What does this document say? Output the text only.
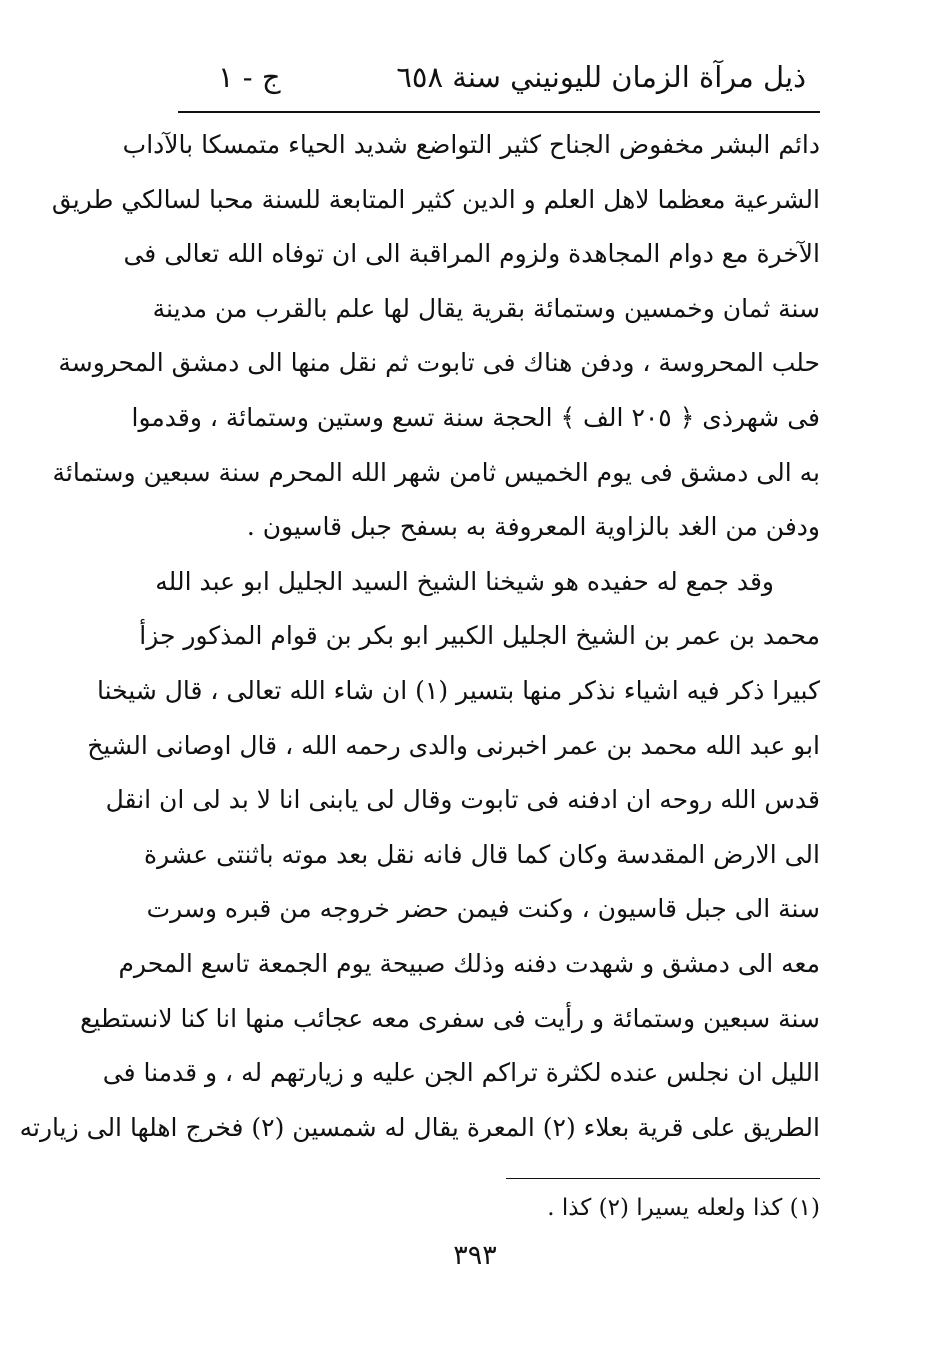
ذيل مرآة الزمان لليونيني سنة ٦٥٨
ج - ١
دائم البشر مخفوض الجناح كثير التواضع شديد الحياء متمسكا بالآداب
الشرعية معظما لاهل العلم و الدين كثير المتابعة للسنة محبا لسالكي طريق
الآخرة مع دوام المجاهدة ولزوم المراقبة الى ان توفاه الله تعالى فى
سنة ثمان وخمسين وستمائة بقرية يقال لها علم بالقرب من مدينة
حلب المحروسة ، ودفن هناك فى تابوت ثم نقل منها الى دمشق المحروسة
فى شهرذى ﴿ ٢٠٥ الف ﴾ الحجة سنة تسع وستين وستمائة ، وقدموا
به الى دمشق فى يوم الخميس ثامن شهر الله المحرم سنة سبعين وستمائة
ودفن من الغد بالزاوية المعروفة به بسفح جبل قاسيون .
وقد جمع له حفيده هو شيخنا الشيخ السيد الجليل ابو عبد الله
محمد بن عمر بن الشيخ الجليل الكبير ابو بكر بن قوام المذكور جزأ
كبيرا ذكر فيه اشياء نذكر منها بتسير (١) ان شاء الله تعالى ، قال شيخنا
ابو عبد الله محمد بن عمر اخبرنى والدى رحمه الله ، قال اوصانى الشيخ
قدس الله روحه ان ادفنه فى تابوت وقال لى يابنى انا لا بد لى ان انقل
الى الارض المقدسة وكان كما قال فانه نقل بعد موته باثنتى عشرة
سنة الى جبل قاسيون ، وكنت فيمن حضر خروجه من قبره وسرت
معه الى دمشق و شهدت دفنه وذلك صبيحة يوم الجمعة تاسع المحرم
سنة سبعين وستمائة و رأيت فى سفرى معه عجائب منها انا كنا لانستطيع
الليل ان نجلس عنده لكثرة تراكم الجن عليه و زيارتهم له ، و قدمنا فى
الطريق على قرية بعلاء (٢) المعرة يقال له شمسين (٢) فخرج اهلها الى زيارته
(١) كذا ولعله يسيرا (٢) كذا .
٣٩٣
